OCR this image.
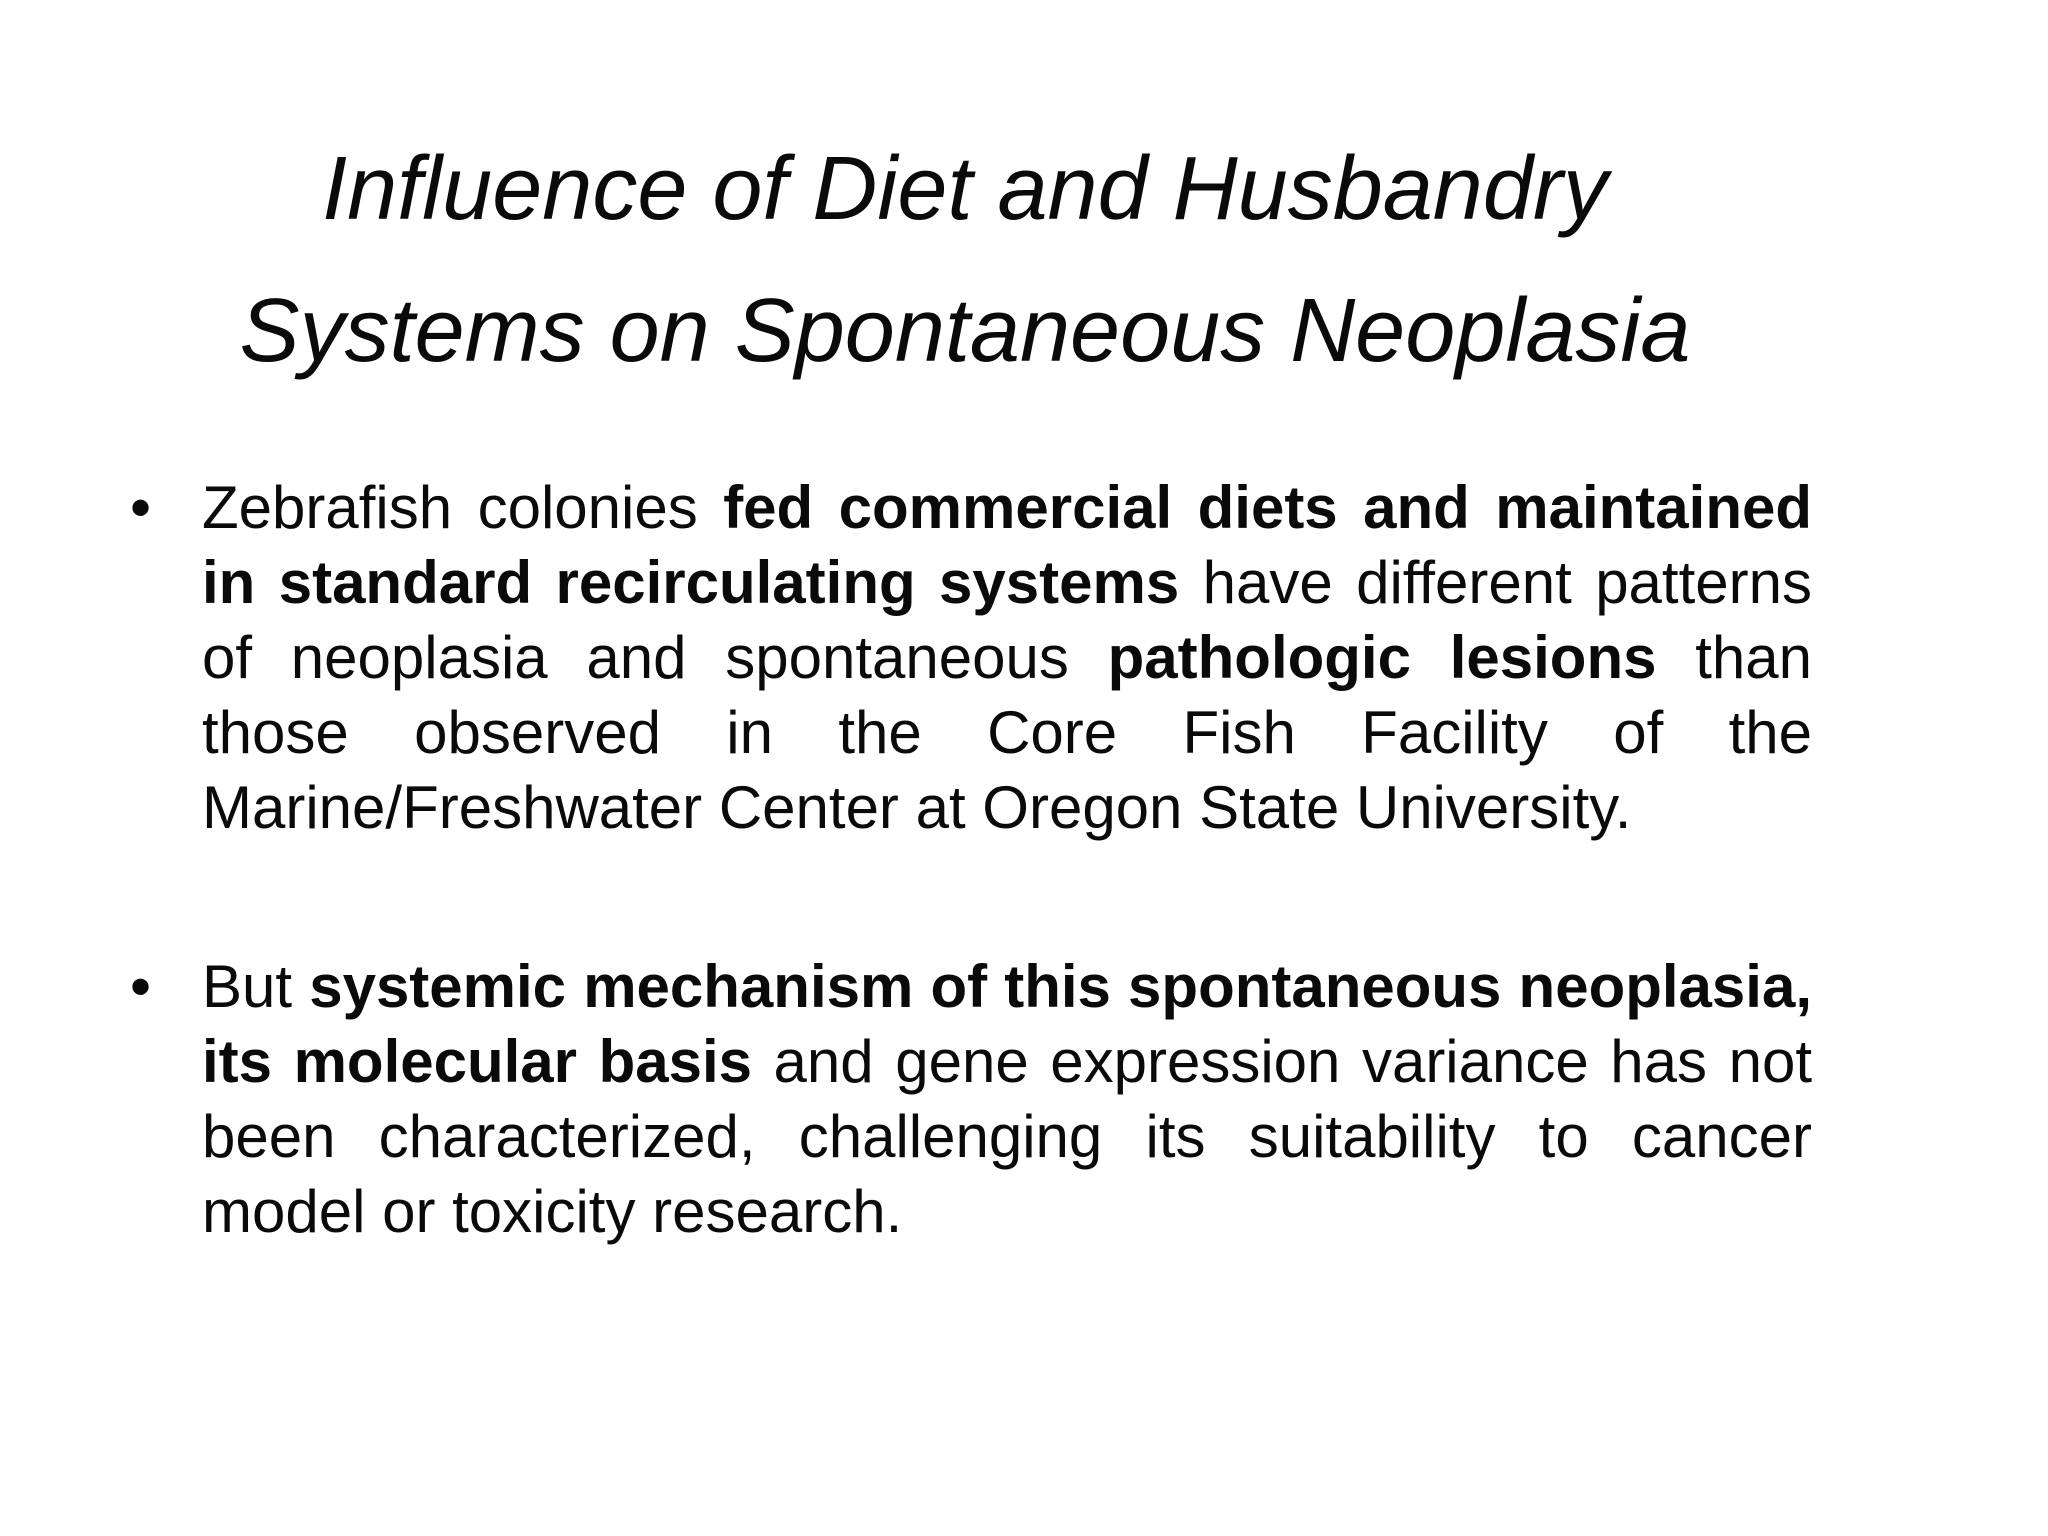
Influence of Diet and Husbandry
Systems on Spontaneous Neoplasia
• Zebrafish colonies fed commercial diets and maintained in standard recirculating systems have different patterns of neoplasia and spontaneous pathologic lesions than those observed in the Core Fish Facility of the Marine/Freshwater Center at Oregon State University.
• But systemic mechanism of this spontaneous neoplasia, its molecular basis and gene expression variance has not been characterized, challenging its suitability to cancer model or toxicity research.
